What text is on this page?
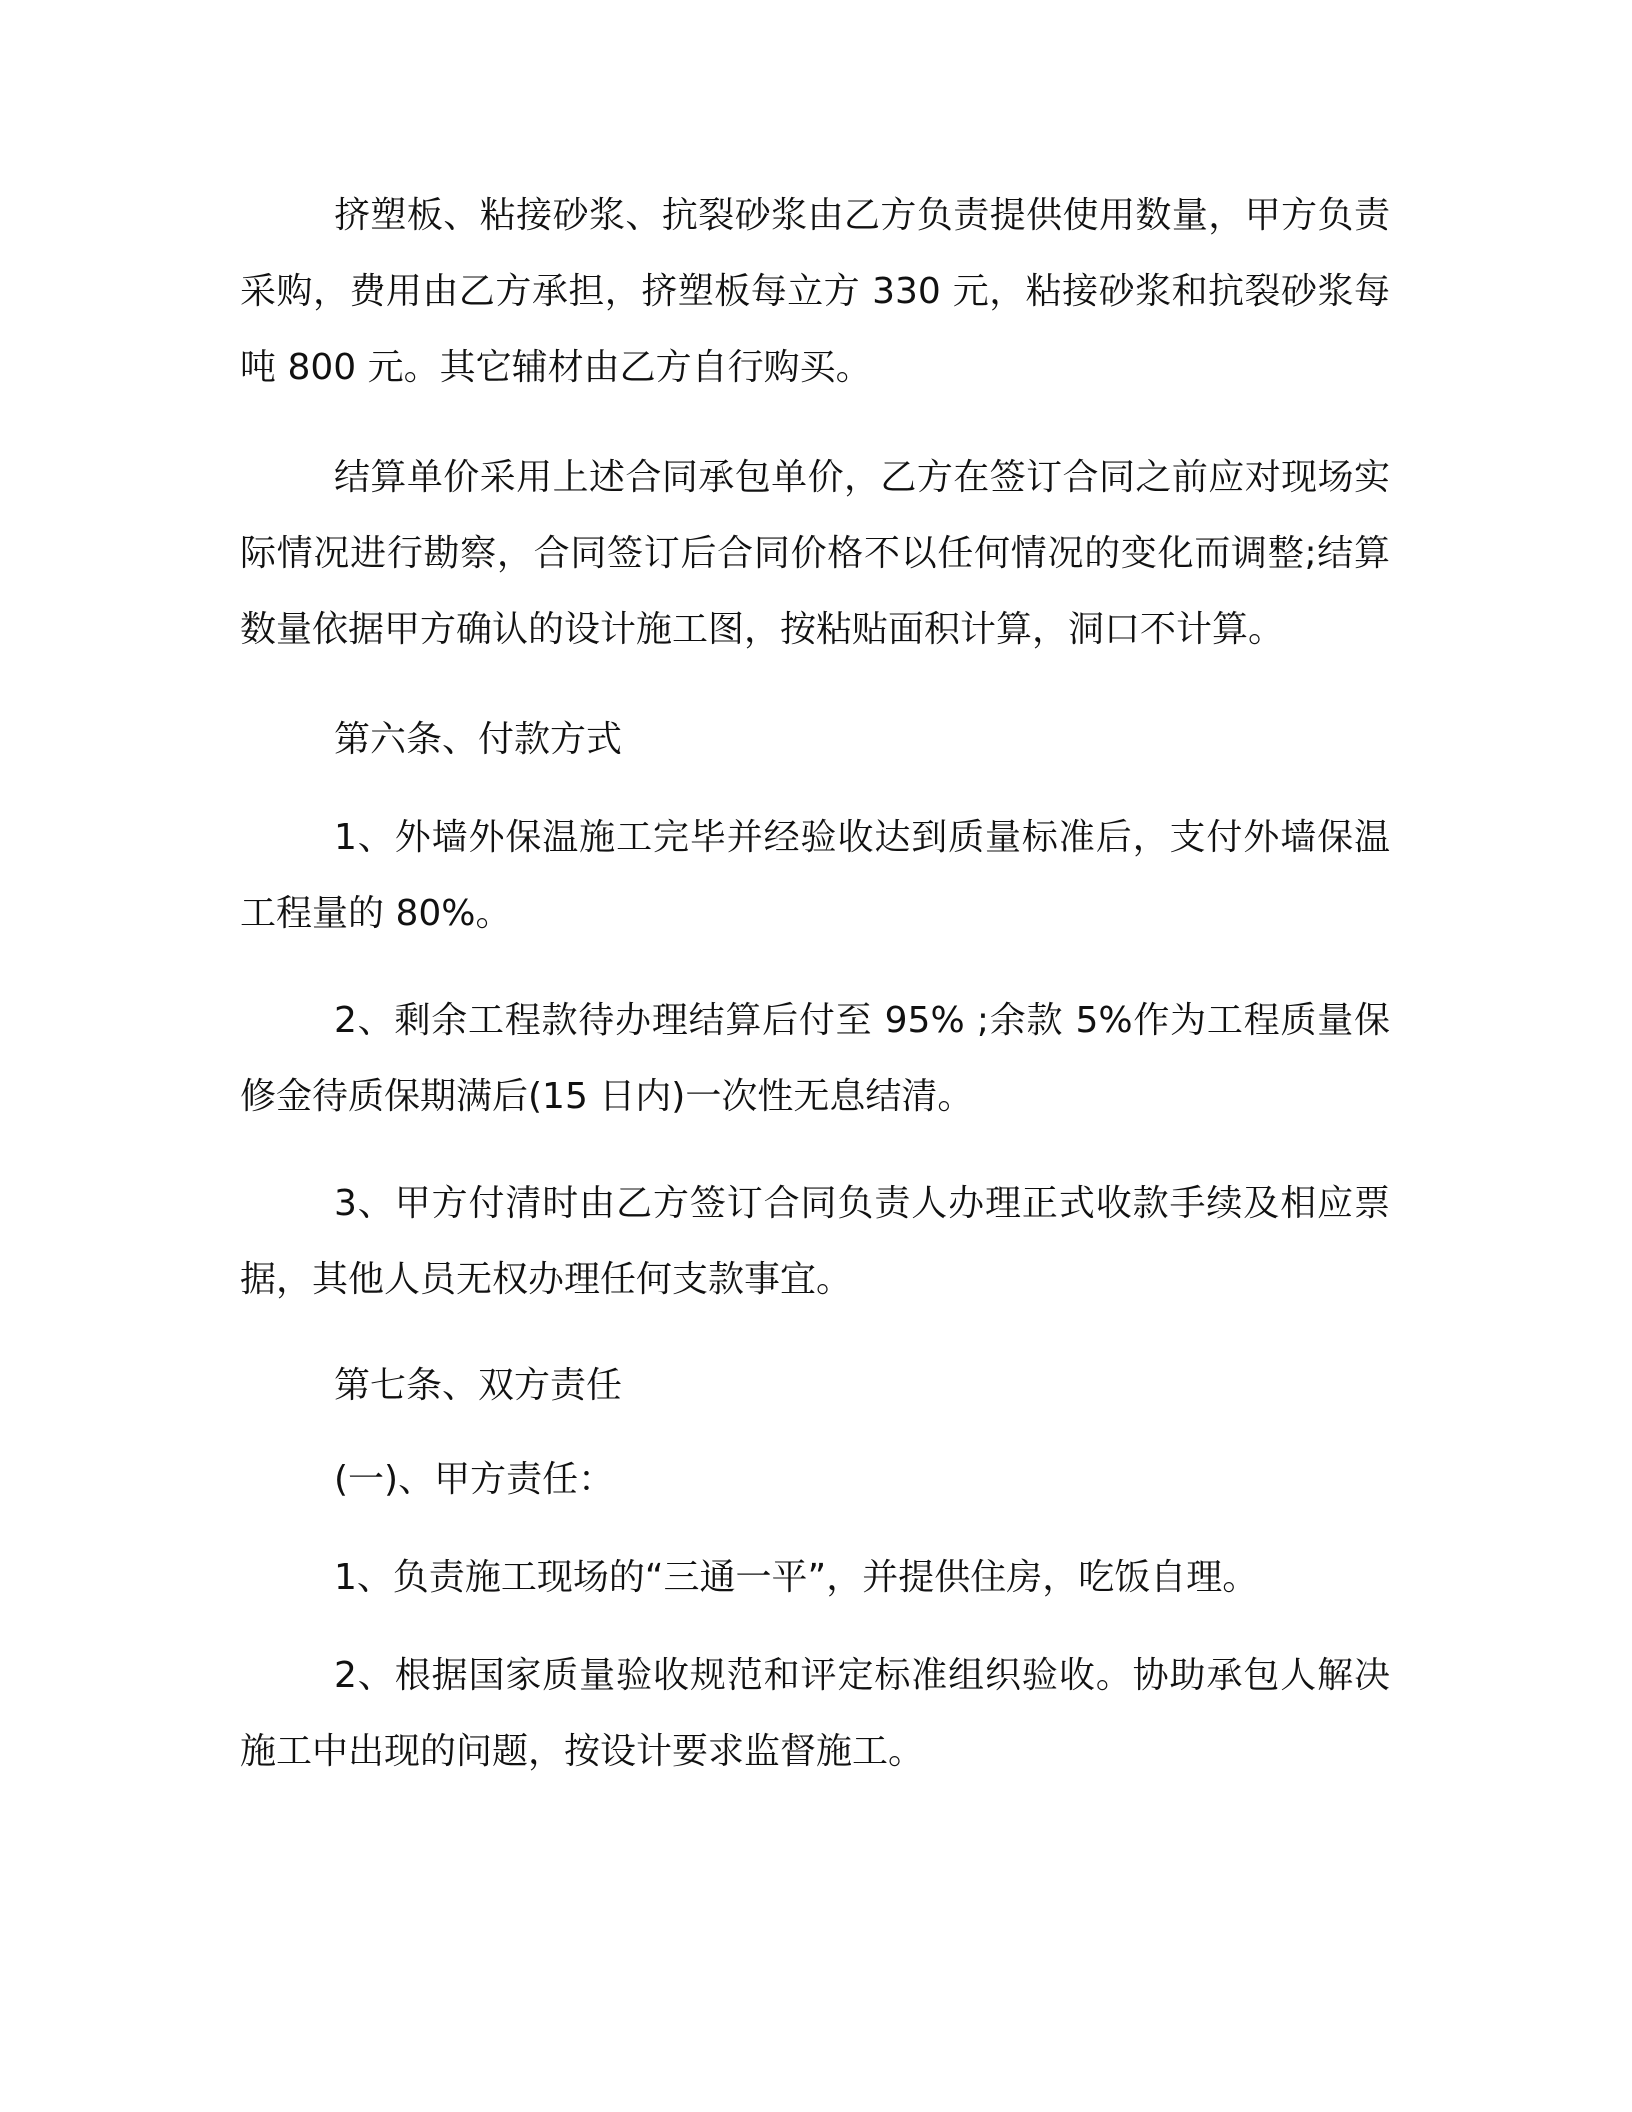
挤塑板、粘接砂浆、抗裂砂浆由乙方负责提供使用数量，甲方负责采购，费用由乙方承担，挤塑板每立方 330 元，粘接砂浆和抗裂砂浆每吨 800 元。其它辅材由乙方自行购买。

结算单价采用上述合同承包单价，乙方在签订合同之前应对现场实际情况进行勘察，合同签订后合同价格不以任何情况的变化而调整;结算数量依据甲方确认的设计施工图，按粘贴面积计算，洞口不计算。

第六条、付款方式

1、外墙外保温施工完毕并经验收达到质量标准后，支付外墙保温工程量的 80%。

2、剩余工程款待办理结算后付至 95% ;余款 5%作为工程质量保修金待质保期满后(15 日内)一次性无息结清。

3、甲方付清时由乙方签订合同负责人办理正式收款手续及相应票据，其他人员无权办理任何支款事宜。

第七条、双方责任

(一)、甲方责任：

1、负责施工现场的“三通一平”，并提供住房，吃饭自理。

2、根据国家质量验收规范和评定标准组织验收。协助承包人解决施工中出现的问题，按设计要求监督施工。
